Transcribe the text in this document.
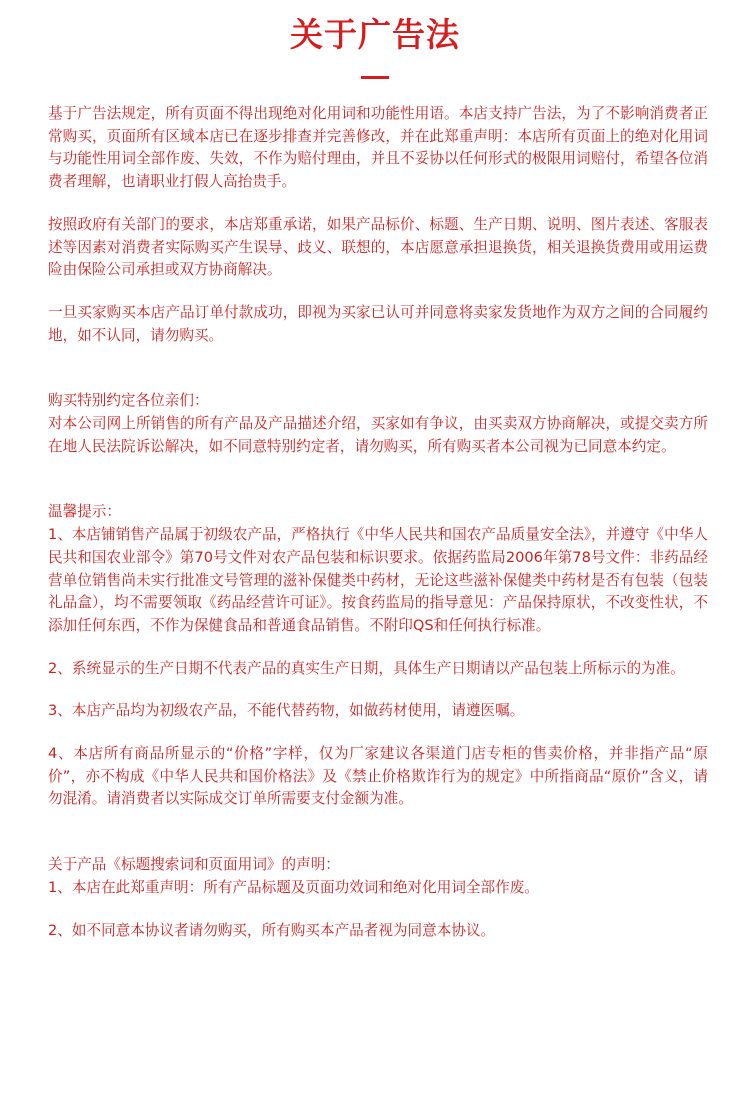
关于广告法

基于广告法规定，所有页面不得出现绝对化用词和功能性用语。本店支持广告法，为了不影响消费者正常购买，页面所有区域本店已在逐步排查并完善修改，并在此郑重声明：本店所有页面上的绝对化用词与功能性用词全部作废、失效，不作为赔付理由，并且不妥协以任何形式的极限用词赔付，希望各位消费者理解，也请职业打假人高抬贵手。

按照政府有关部门的要求，本店郑重承诺，如果产品标价、标题、生产日期、说明、图片表述、客服表述等因素对消费者实际购买产生误导、歧义、联想的，本店愿意承担退换货，相关退换货费用或用运费险由保险公司承担或双方协商解决。

一旦买家购买本店产品订单付款成功，即视为买家已认可并同意将卖家发货地作为双方之间的合同履约地，如不认同，请勿购买。

购买特别约定各位亲们：

对本公司网上所销售的所有产品及产品描述介绍，买家如有争议，由买卖双方协商解决，或提交卖方所在地人民法院诉讼解决，如不同意特别约定者，请勿购买，所有购买者本公司视为已同意本约定。

温馨提示：

1、本店铺销售产品属于初级农产品，严格执行《中华人民共和国农产品质量安全法》，并遵守《中华人民共和国农业部令》第70号文件对农产品包装和标识要求。依据药监局2006年第78号文件：非药品经营单位销售尚未实行批准文号管理的滋补保健类中药材，无论这些滋补保健类中药材是否有包装（包装礼品盒），均不需要领取《药品经营许可证》。按食药监局的指导意见：产品保持原状，不改变性状，不添加任何东西，不作为保健食品和普通食品销售。不附印QS和任何执行标准。

2、系统显示的生产日期不代表产品的真实生产日期，具体生产日期请以产品包装上所标示的为准。

3、本店产品均为初级农产品，不能代替药物，如做药材使用，请遵医嘱。

4、本店所有商品所显示的“价格”字样，仅为厂家建议各渠道门店专柜的售卖价格，并非指产品“原价”，亦不构成《中华人民共和国价格法》及《禁止价格欺诈行为的规定》中所指商品“原价”含义，请勿混淆。请消费者以实际成交订单所需要支付金额为准。

关于产品《标题搜索词和页面用词》的声明：

1、本店在此郑重声明：所有产品标题及页面功效词和绝对化用词全部作废。

2、如不同意本协议者请勿购买，所有购买本产品者视为同意本协议。
